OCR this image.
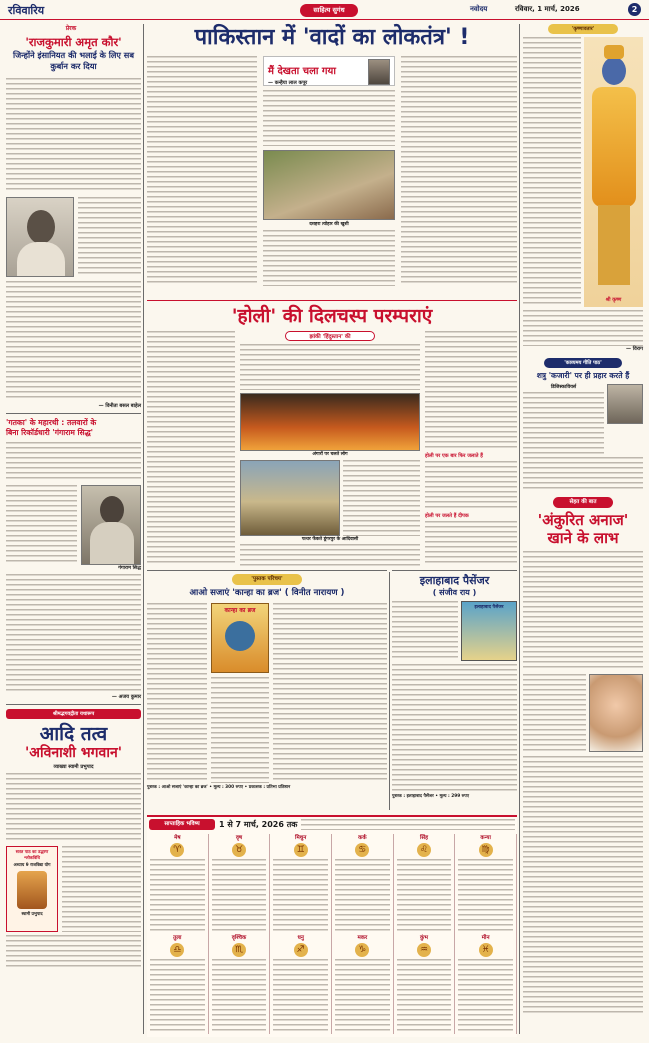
रविवारिय	साहित्य सुगंध	नवोदय	रविवार, 1 मार्च, 2026	2
प्रेरक
'राजकुमारी अमृत कौर'
जिन्होंने इंसानियत की भलाई के लिए सब कुर्बान कर दिया
— विनीता बसल बाहेल
'गतका' के महारथी : तलवारों के
बिना रिकॉर्डधारी 'गंगाराम सिद्ध'
गंगाराम सिद्ध
— अजय कुमार
श्रीमद्भगवद्गीता यथारूप
आदि तत्व
'अविनाशी भगवान'
व्याख्या स्वामी प्रभुपाद
सतत पाठ का उद्धरण श्लोकविधि
अध्याय 9 राजविद्या योग
स्वामी प्रभुपाद
पाकिस्तान में 'वादों का लोकतंत्र' !
मैं देखता चला गया
— कन्हैया लाल कपूर
दशहरा त्योहार की खुशी
'कृष्णावतार'
श्री कृष्ण
— विराग
'काव्यमय गीति पाठ'
शत्रु 'कजारी' पर ही प्रहार करते हैं
डिजिस्कावियर्स
सेहत की बात
'अंकुरित अनाज'
खाने के लाभ
'होली' की दिलचस्प परम्पराएं
झांकी 'हिंदुस्तान' की
अंगारों पर चलते लोग
पत्थर फेंकते डूंगरपुर के आदिवासी
होली पर एक बार फिर जलाते हैं
होली पर जलते हैं दीपक
'पुस्तक परिचय'
आओ सजाएं 'कान्हा का ब्रज' ( विनीत नारायण )
कान्हा का ब्रज
पुस्तक : आओ सजाएं 'कान्हा का ब्रज' • मूल्य : 300 रुपए • प्रकाशक : प्रतिभा प्रतिष्ठान
इलाहाबाद पैसेंजर
( संजीव राय )
इलाहाबाद पैसेंजर
पुस्तक : इलाहाबाद पैसेंजर • मूल्य : 299 रुपए
साप्ताहिक भविष्य	1 से 7 मार्च, 2026 तक
मेष
♈
वृष
♉
मिथुन
♊
कर्क
♋
सिंह
♌
कन्या
♍
तुला
♎
वृश्चिक
♏
धनु
♐
मकर
♑
कुंभ
♒
मीन
♓
